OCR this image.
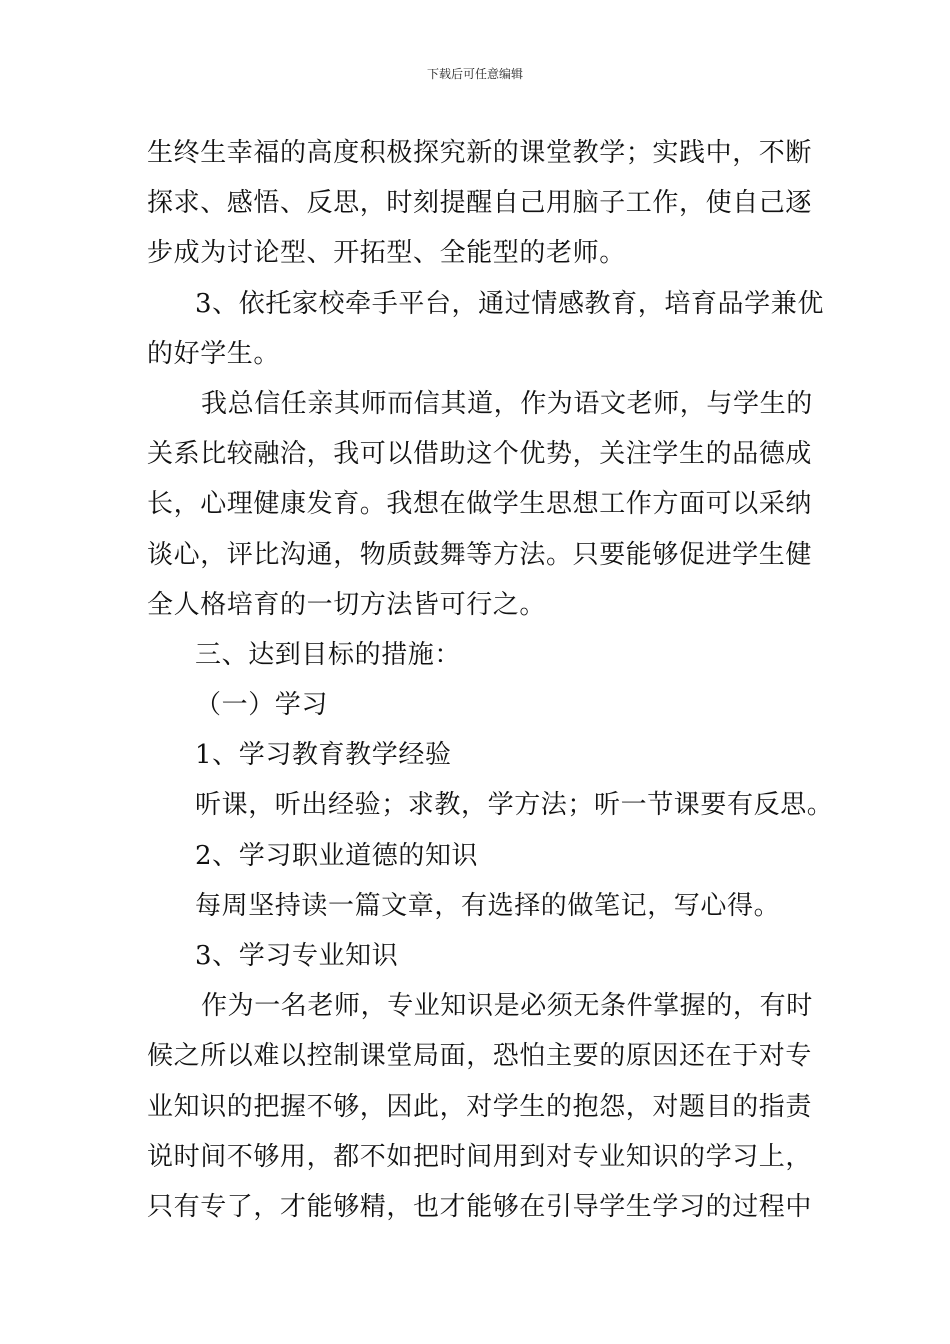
下载后可任意编辑
生终生幸福的高度积极探究新的课堂教学；实践中，不断
探求、感悟、反思，时刻提醒自己用脑子工作，使自己逐
步成为讨论型、开拓型、全能型的老师。
3、依托家校牵手平台，通过情感教育，培育品学兼优
的好学生。
我总信任亲其师而信其道，作为语文老师，与学生的
关系比较融洽，我可以借助这个优势，关注学生的品德成
长，心理健康发育。我想在做学生思想工作方面可以采纳
谈心，评比沟通，物质鼓舞等方法。只要能够促进学生健
全人格培育的一切方法皆可行之。
三、达到目标的措施：
（一）学习
1、学习教育教学经验
听课，听出经验；求教，学方法；听一节课要有反思。
2、学习职业道德的知识
每周坚持读一篇文章，有选择的做笔记，写心得。
3、学习专业知识
作为一名老师，专业知识是必须无条件掌握的，有时
候之所以难以控制课堂局面，恐怕主要的原因还在于对专
业知识的把握不够，因此，对学生的抱怨，对题目的指责
说时间不够用，都不如把时间用到对专业知识的学习上，
只有专了，才能够精，也才能够在引导学生学习的过程中
